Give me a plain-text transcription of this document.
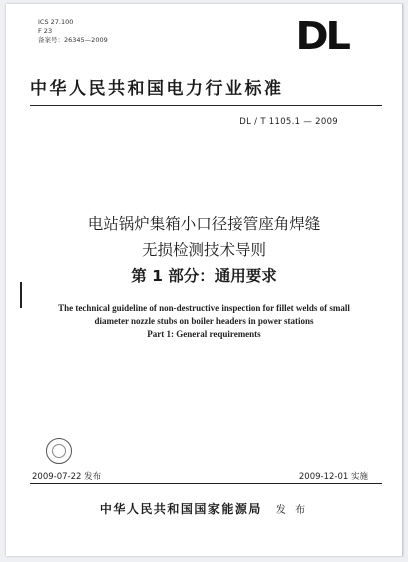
ICS 27.100
F 23
备案号：26345—2009	DL
中华人民共和国电力行业标准
DL / T 1105.1 — 2009
电站锅炉集箱小口径接管座角焊缝
无损检测技术导则
第 1 部分：通用要求
The technical guideline of non-destructive inspection for fillet welds of small
diameter nozzle stubs on boiler headers in power stations
Part 1: General requirements
2009-07-22 发布	2009-12-01 实施
中华人民共和国国家能源局 发 布
